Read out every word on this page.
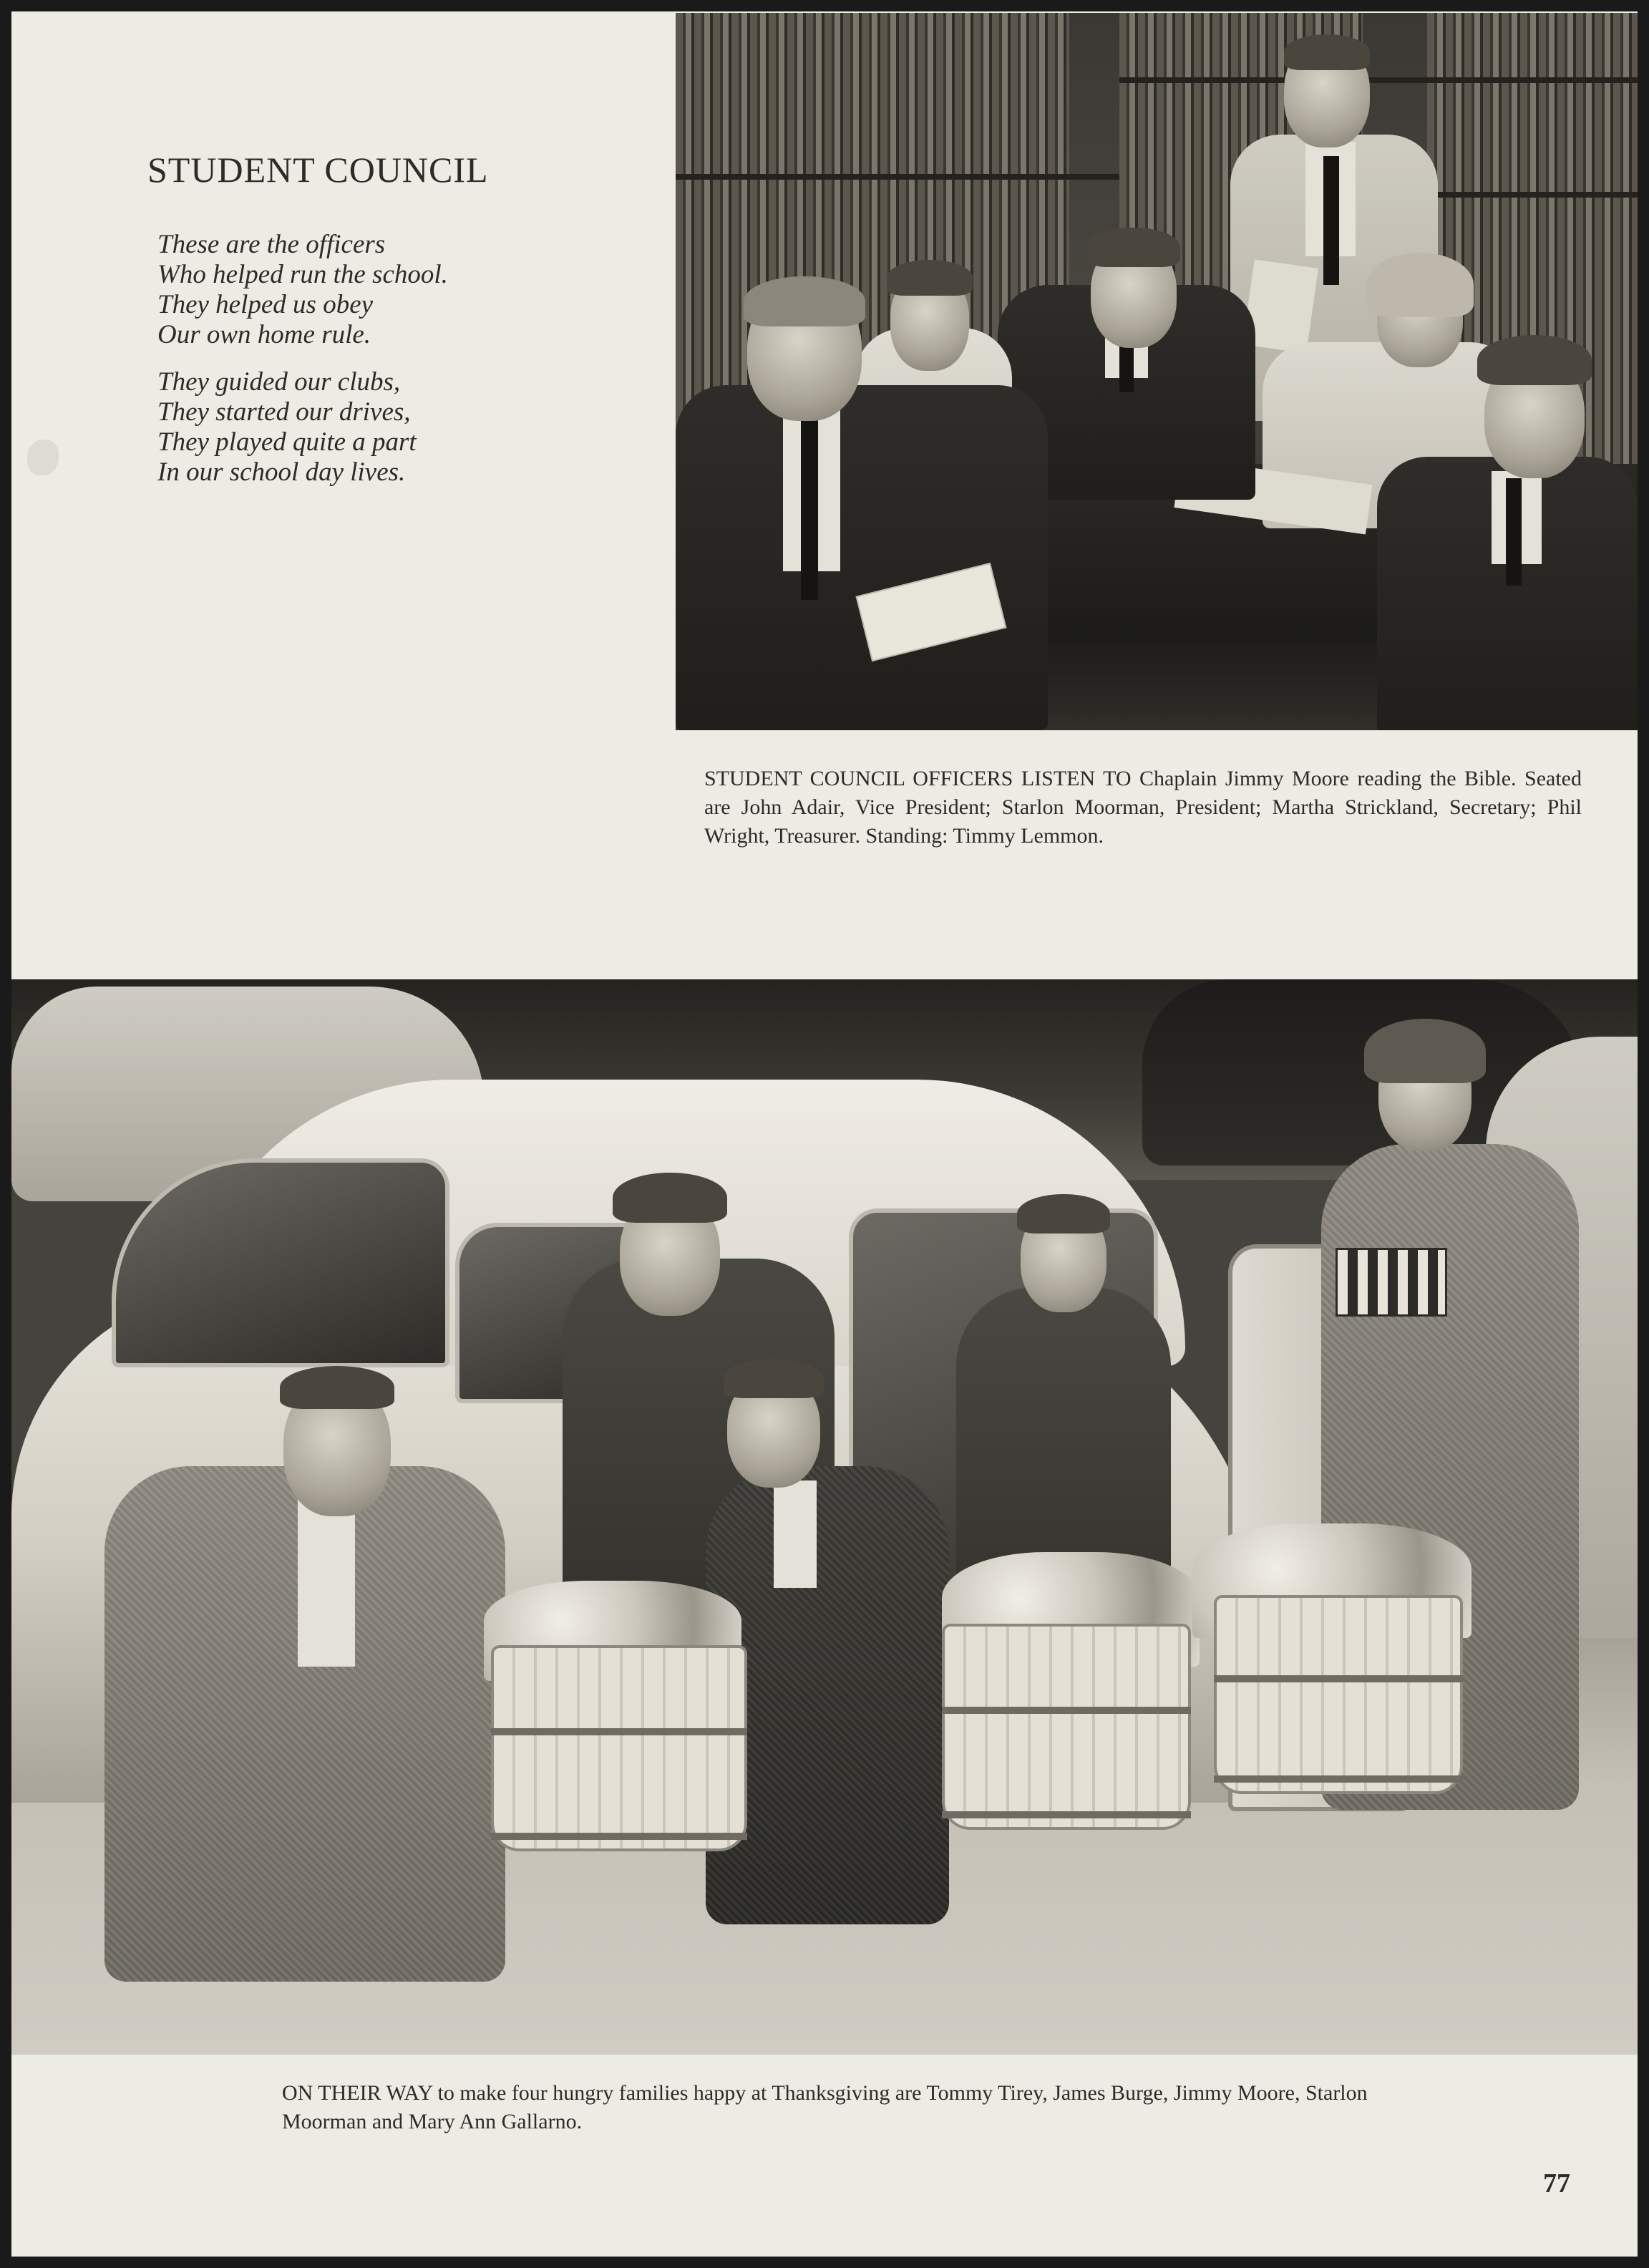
STUDENT COUNCIL
These are the officers
Who helped run the school.
They helped us obey
Our own home rule.
They guided our clubs,
They started our drives,
They played quite a part
In our school day lives.

STUDENT COUNCIL OFFICERS LISTEN TO Chaplain Jimmy Moore reading the Bible. Seated are John Adair, Vice President; Starlon Moorman, President; Martha Strickland, Secretary; Phil Wright, Treasurer. Standing: Timmy Lemmon.

ON THEIR WAY to make four hungry families happy at Thanksgiving are Tommy Tirey, James Burge, Jimmy Moore, Starlon Moorman and Mary Ann Gallarno.

77
